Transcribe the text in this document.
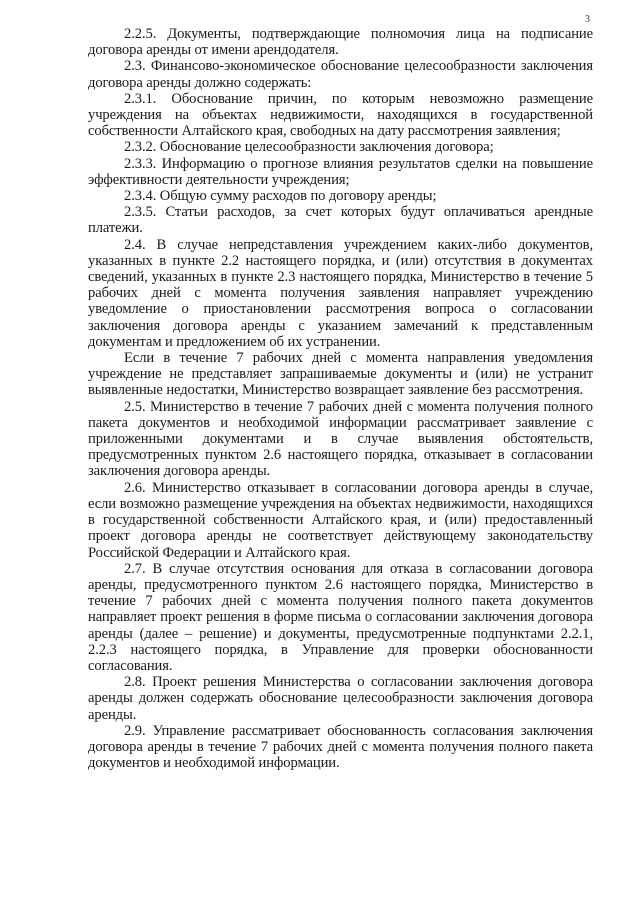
3

2.2.5. Документы, подтверждающие полномочия лица на подписание договора аренды от имени арендодателя.

2.3. Финансово-экономическое обоснование целесообразности заключения договора аренды должно содержать:

2.3.1. Обоснование причин, по которым невозможно размещение учреждения на объектах недвижимости, находящихся в государственной собственности Алтайского края, свободных на дату рассмотрения заявления;

2.3.2. Обоснование целесообразности заключения договора;

2.3.3. Информацию о прогнозе влияния результатов сделки на повышение эффективности деятельности учреждения;

2.3.4. Общую сумму расходов по договору аренды;

2.3.5. Статьи расходов, за счет которых будут оплачиваться арендные платежи.

2.4. В случае непредставления учреждением каких-либо документов, указанных в пункте 2.2 настоящего порядка, и (или) отсутствия в документах сведений, указанных в пункте 2.3 настоящего порядка, Министерство в течение 5 рабочих дней с момента получения заявления направляет учреждению уведомление о приостановлении рассмотрения вопроса о согласовании заключения договора аренды с указанием замечаний к представленным документам и предложением об их устранении.

Если в течение 7 рабочих дней с момента направления уведомления учреждение не представляет запрашиваемые документы и (или) не устранит выявленные недостатки, Министерство возвращает заявление без рассмотрения.

2.5. Министерство в течение 7 рабочих дней с момента получения полного пакета документов и необходимой информации рассматривает заявление с приложенными документами и в случае выявления обстоятельств, предусмотренных пунктом 2.6 настоящего порядка, отказывает в согласовании заключения договора аренды.

2.6. Министерство отказывает в согласовании договора аренды в случае, если возможно размещение учреждения на объектах недвижимости, находящихся в государственной собственности Алтайского края, и (или) предоставленный проект договора аренды не соответствует действующему законодательству Российской Федерации и Алтайского края.

2.7. В случае отсутствия основания для отказа в согласовании договора аренды, предусмотренного пунктом 2.6 настоящего порядка, Министерство в течение 7 рабочих дней с момента получения полного пакета документов направляет проект решения в форме письма о согласовании заключения договора аренды (далее – решение) и документы, предусмотренные подпунктами 2.2.1, 2.2.3 настоящего порядка, в Управление для проверки обоснованности согласования.

2.8. Проект решения Министерства о согласовании заключения договора аренды должен содержать обоснование целесообразности заключения договора аренды.

2.9. Управление рассматривает обоснованность согласования заключения договора аренды в течение 7 рабочих дней с момента получения полного пакета документов и необходимой информации.
